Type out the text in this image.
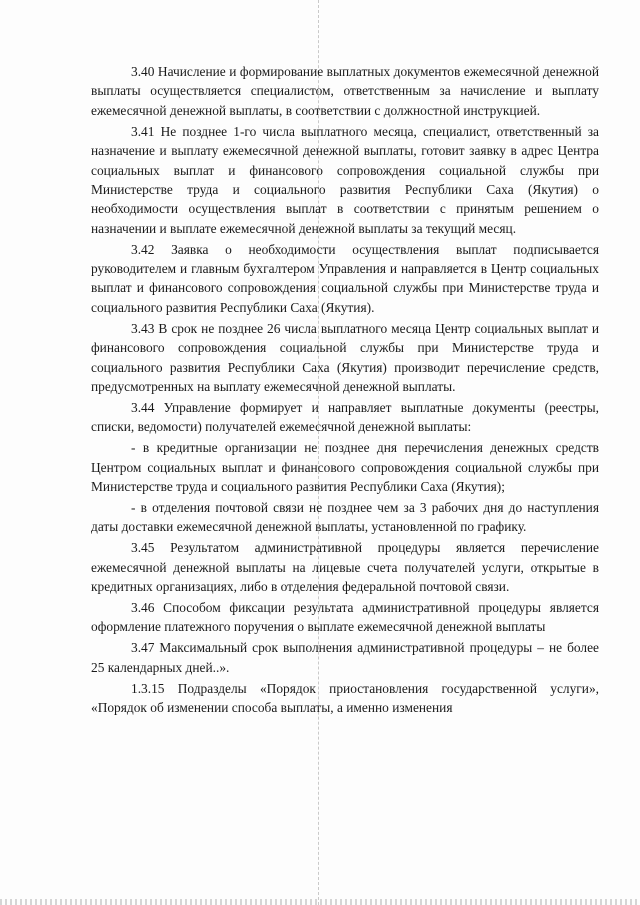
3.40 Начисление и формирование выплатных документов ежемесячной денежной выплаты осуществляется специалистом, ответственным за начисление и выплату ежемесячной денежной выплаты, в соответствии с должностной инструкцией.

3.41 Не позднее 1-го числа выплатного месяца, специалист, ответственный за назначение и выплату ежемесячной денежной выплаты, готовит заявку в адрес Центра социальных выплат и финансового сопровождения социальной службы при Министерстве труда и социального развития Республики Саха (Якутия) о необходимости осуществления выплат в соответствии с принятым решением о назначении и выплате ежемесячной денежной выплаты за текущий месяц.

3.42 Заявка о необходимости осуществления выплат подписывается руководителем и главным бухгалтером Управления и направляется в Центр социальных выплат и финансового сопровождения социальной службы при Министерстве труда и социального развития Республики Саха (Якутия).

3.43 В срок не позднее 26 числа выплатного месяца Центр социальных выплат и финансового сопровождения социальной службы при Министерстве труда и социального развития Республики Саха (Якутия) производит перечисление средств, предусмотренных на выплату ежемесячной денежной выплаты.

3.44 Управление формирует и направляет выплатные документы (реестры, списки, ведомости) получателей ежемесячной денежной выплаты:

- в кредитные организации не позднее дня перечисления денежных средств Центром социальных выплат и финансового сопровождения социальной службы при Министерстве труда и социального развития Республики Саха (Якутия);

- в отделения почтовой связи не позднее чем за 3 рабочих дня до наступления даты доставки ежемесячной денежной выплаты, установленной по графику.

3.45 Результатом административной процедуры является перечисление ежемесячной денежной выплаты на лицевые счета получателей услуги, открытые в кредитных организациях, либо в отделения федеральной почтовой связи.

3.46 Способом фиксации результата административной процедуры является оформление платежного поручения о выплате ежемесячной денежной выплаты

3.47 Максимальный срок выполнения административной процедуры – не более 25 календарных дней..».

1.3.15 Подразделы «Порядок приостановления государственной услуги», «Порядок об изменении способа выплаты, а именно изменения
